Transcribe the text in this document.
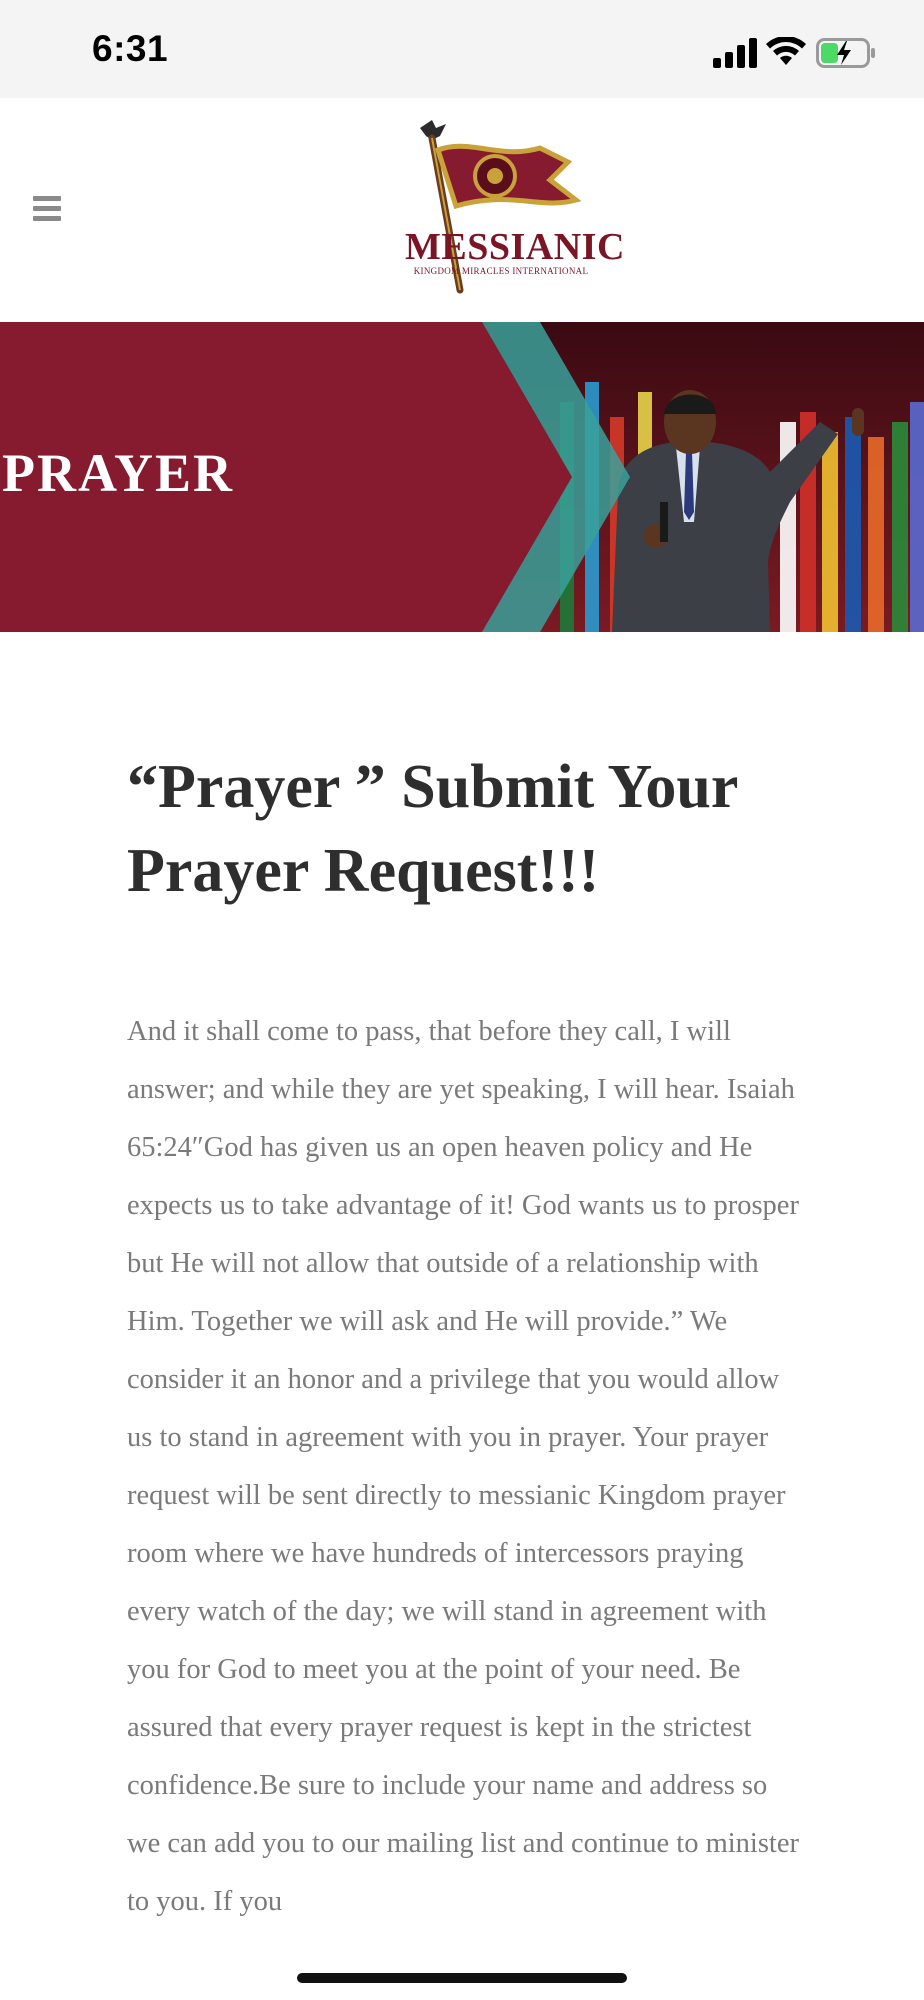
6:31
MESSIANIC
KINGDOM MIRACLES INTERNATIONAL
PRAYER
“Prayer ” Submit Your Prayer Request!!!

And it shall come to pass, that before they call, I will answer; and while they are yet speaking, I will hear. Isaiah 65:24″God has given us an open heaven policy and He expects us to take advantage of it! God wants us to prosper but He will not allow that outside of a relationship with Him. Together we will ask and He will provide.” We consider it an honor and a privilege that you would allow us to stand in agreement with you in prayer. Your prayer request will be sent directly to messianic Kingdom prayer room where we have hundreds of intercessors praying every watch of the day; we will stand in agreement with you for God to meet you at the point of your need. Be assured that every prayer request is kept in the strictest confidence.Be sure to include your name and address so we can add you to our mailing list and continue to minister to you. If you
